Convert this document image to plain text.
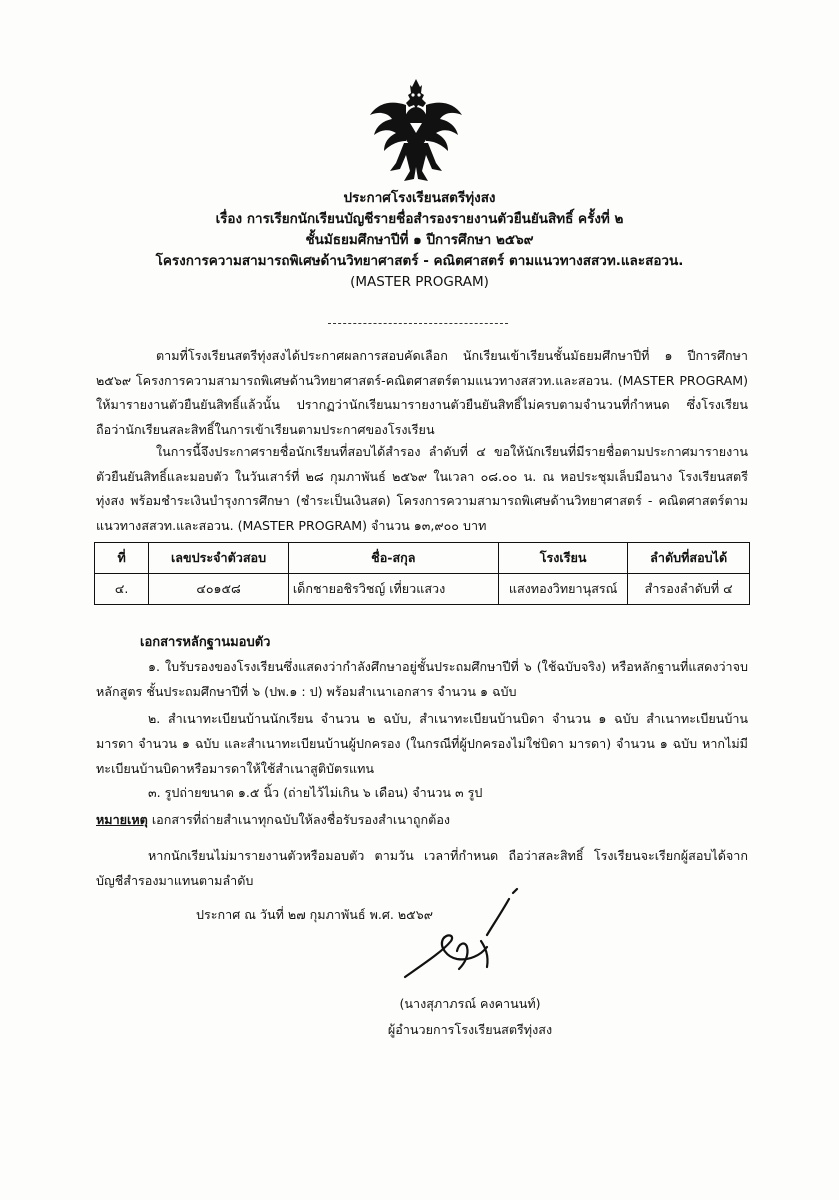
ประกาศโรงเรียนสตรีทุ่งสง
เรื่อง การเรียกนักเรียนบัญชีรายชื่อสำรองรายงานตัวยืนยันสิทธิ์ ครั้งที่ ๒
ชั้นมัธยมศึกษาปีที่ ๑ ปีการศึกษา ๒๕๖๙
โครงการความสามารถพิเศษด้านวิทยาศาสตร์ - คณิตศาสตร์ ตามแนวทางสสวท.และสอวน.
(MASTER PROGRAM)
ตามที่โรงเรียนสตรีทุ่งสงได้ประกาศผลการสอบคัดเลือก นักเรียนเข้าเรียนชั้นมัธยมศึกษาปีที่ ๑ ปีการศึกษา ๒๕๖๙ โครงการความสามารถพิเศษด้านวิทยาศาสตร์-คณิตศาสตร์ตามแนวทางสสวท.และสอวน. (MASTER PROGRAM) ให้มารายงานตัวยืนยันสิทธิ์แล้วนั้น ปรากฏว่านักเรียนมารายงานตัวยืนยันสิทธิ์ไม่ครบตามจำนวนที่กำหนด ซึ่งโรงเรียนถือว่านักเรียนสละสิทธิ์ในการเข้าเรียนตามประกาศของโรงเรียน
ในการนี้จึงประกาศรายชื่อนักเรียนที่สอบได้สำรอง ลำดับที่ ๔ ขอให้นักเรียนที่มีรายชื่อตามประกาศมารายงานตัวยืนยันสิทธิ์และมอบตัว ในวันเสาร์ที่ ๒๘ กุมภาพันธ์ ๒๕๖๙ ในเวลา ๐๘.๐๐ น. ณ หอประชุมเล็บมือนาง โรงเรียนสตรีทุ่งสง พร้อมชำระเงินบำรุงการศึกษา (ชำระเป็นเงินสด) โครงการความสามารถพิเศษด้านวิทยาศาสตร์ - คณิตศาสตร์ตามแนวทางสสวท.และสอวน. (MASTER PROGRAM) จำนวน ๑๓,๙๐๐ บาท
ที่	เลขประจำตัวสอบ	ชื่อ-สกุล	โรงเรียน	ลำดับที่สอบได้
๔.	๔๐๑๕๘	เด็กชายอชิรวิชญ์ เที่ยวแสวง	แสงทองวิทยานุสรณ์	สำรองลำดับที่ ๔
เอกสารหลักฐานมอบตัว
๑. ใบรับรองของโรงเรียนซึ่งแสดงว่ากำลังศึกษาอยู่ชั้นประถมศึกษาปีที่ ๖ (ใช้ฉบับจริง) หรือหลักฐานที่แสดงว่าจบหลักสูตร ชั้นประถมศึกษาปีที่ ๖ (ปพ.๑ : ป) พร้อมสำเนาเอกสาร จำนวน ๑ ฉบับ
๒. สำเนาทะเบียนบ้านนักเรียน จำนวน ๒ ฉบับ, สำเนาทะเบียนบ้านบิดา จำนวน ๑ ฉบับ สำเนาทะเบียนบ้านมารดา จำนวน ๑ ฉบับ และสำเนาทะเบียนบ้านผู้ปกครอง (ในกรณีที่ผู้ปกครองไม่ใช่บิดา มารดา) จำนวน ๑ ฉบับ หากไม่มีทะเบียนบ้านบิดาหรือมารดาให้ใช้สำเนาสูติบัตรแทน
๓. รูปถ่ายขนาด ๑.๕ นิ้ว (ถ่ายไว้ไม่เกิน ๖ เดือน) จำนวน ๓ รูป
หมายเหตุ เอกสารที่ถ่ายสำเนาทุกฉบับให้ลงชื่อรับรองสำเนาถูกต้อง
หากนักเรียนไม่มารายงานตัวหรือมอบตัว ตามวัน เวลาที่กำหนด ถือว่าสละสิทธิ์ โรงเรียนจะเรียกผู้สอบได้จากบัญชีสำรองมาแทนตามลำดับ
ประกาศ ณ วันที่ ๒๗ กุมภาพันธ์ พ.ศ. ๒๕๖๙
(นางสุภาภรณ์ คงคานนท์)
ผู้อำนวยการโรงเรียนสตรีทุ่งสง
